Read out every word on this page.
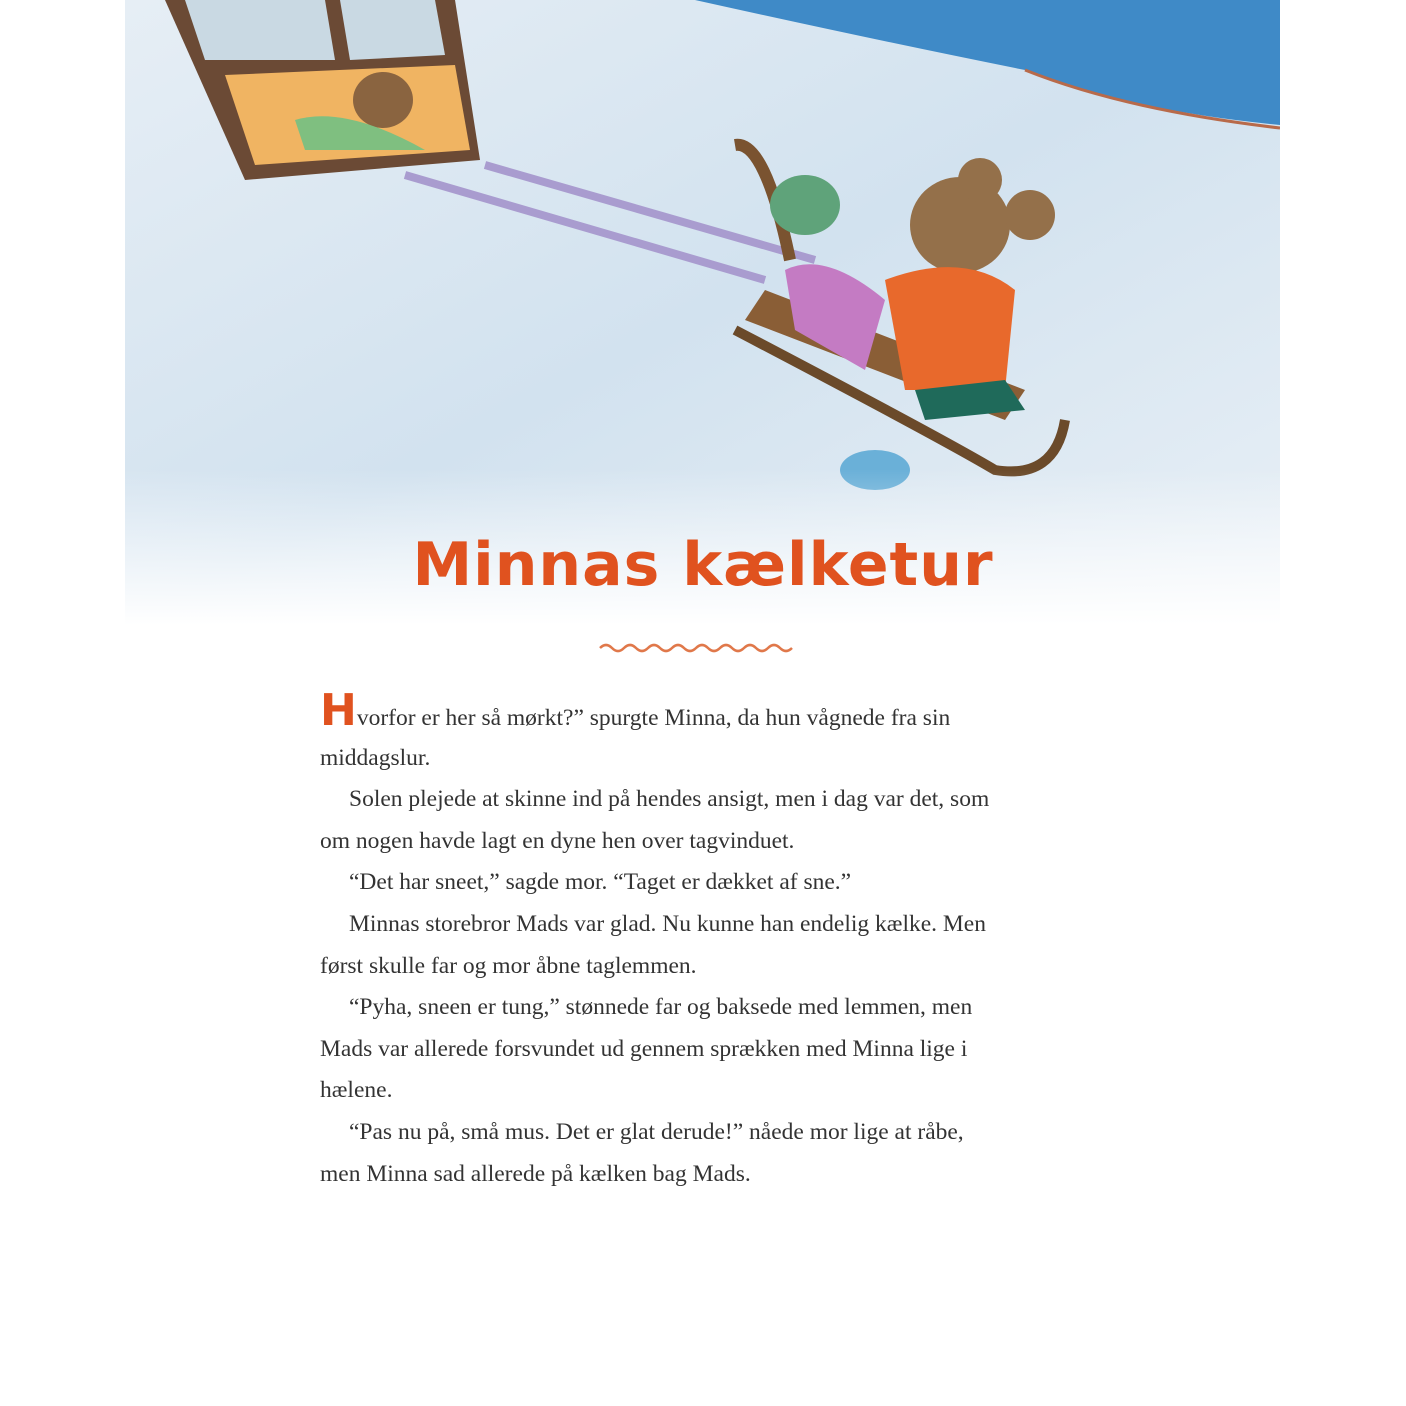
Minnas kælketur
Hvorfor er her så mørkt?” spurgte Minna, da hun vågnede fra sin
middagslur.
Solen plejede at skinne ind på hendes ansigt, men i dag var det, som
om nogen havde lagt en dyne hen over tagvinduet.
“Det har sneet,” sagde mor. “Taget er dækket af sne.”
Minnas storebror Mads var glad. Nu kunne han endelig kælke. Men
først skulle far og mor åbne taglemmen.
“Pyha, sneen er tung,” stønnede far og baksede med lemmen, men
Mads var allerede forsvundet ud gennem sprækken med Minna lige i
hælene.
“Pas nu på, små mus. Det er glat derude!” nåede mor lige at råbe,
men Minna sad allerede på kælken bag Mads.
